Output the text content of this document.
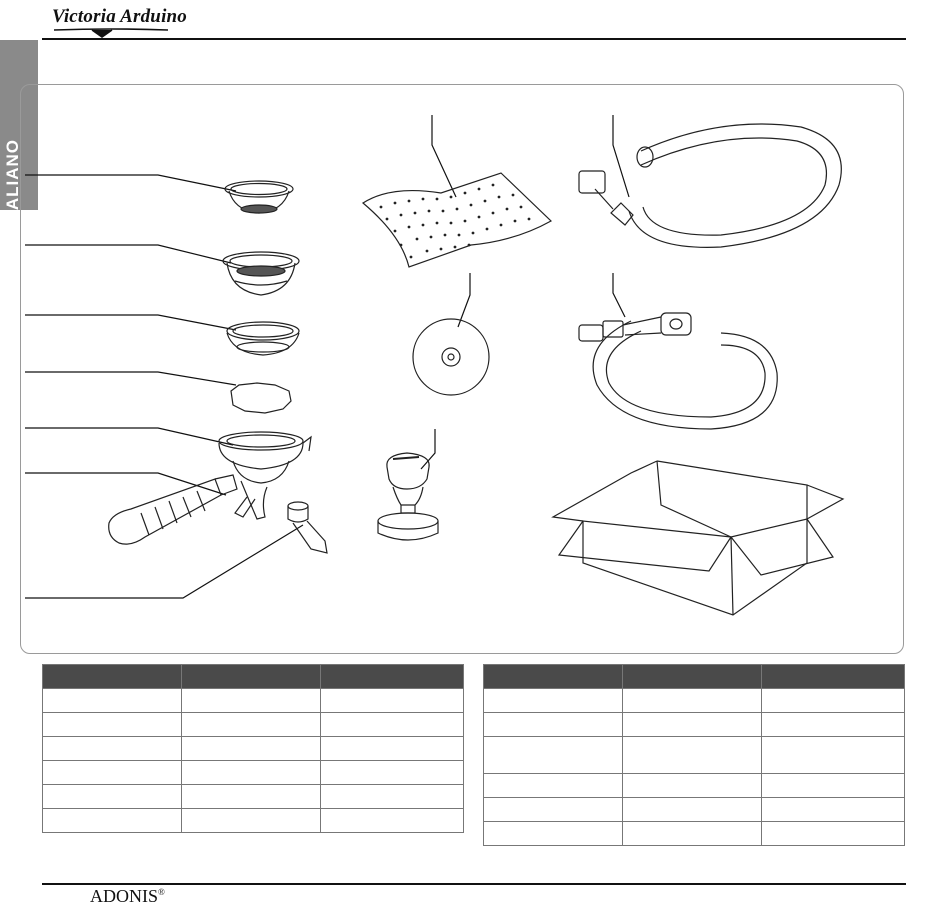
Victoria Arduino
ITALIANO

ADONIS®
